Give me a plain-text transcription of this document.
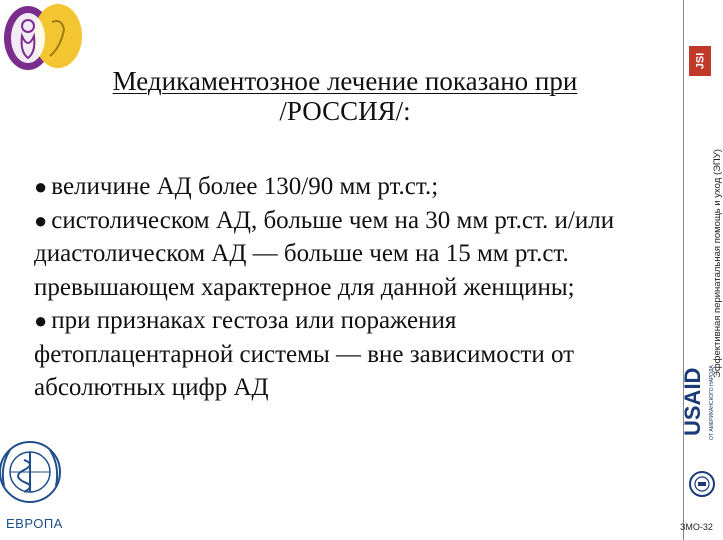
Медикаментозное лечение показано при
/РОССИЯ/:

● величине АД более 130/90 мм рт.ст.;

● систолическом АД, больше чем на 30 мм рт.ст. и/или диастолическом АД — больше чем на 15 мм рт.ст. превышающем характерное для данной женщины;

● при признаках гестоза или поражения фетоплацентарной системы — вне зависимости от абсолютных цифр АД

JSI
Эффективная перинатальная помощь и уход (ЭПУ)
USAID ОТ АМЕРИКАНСКОГО НАРОДА
ЕВРОПА	ЗМО-32
